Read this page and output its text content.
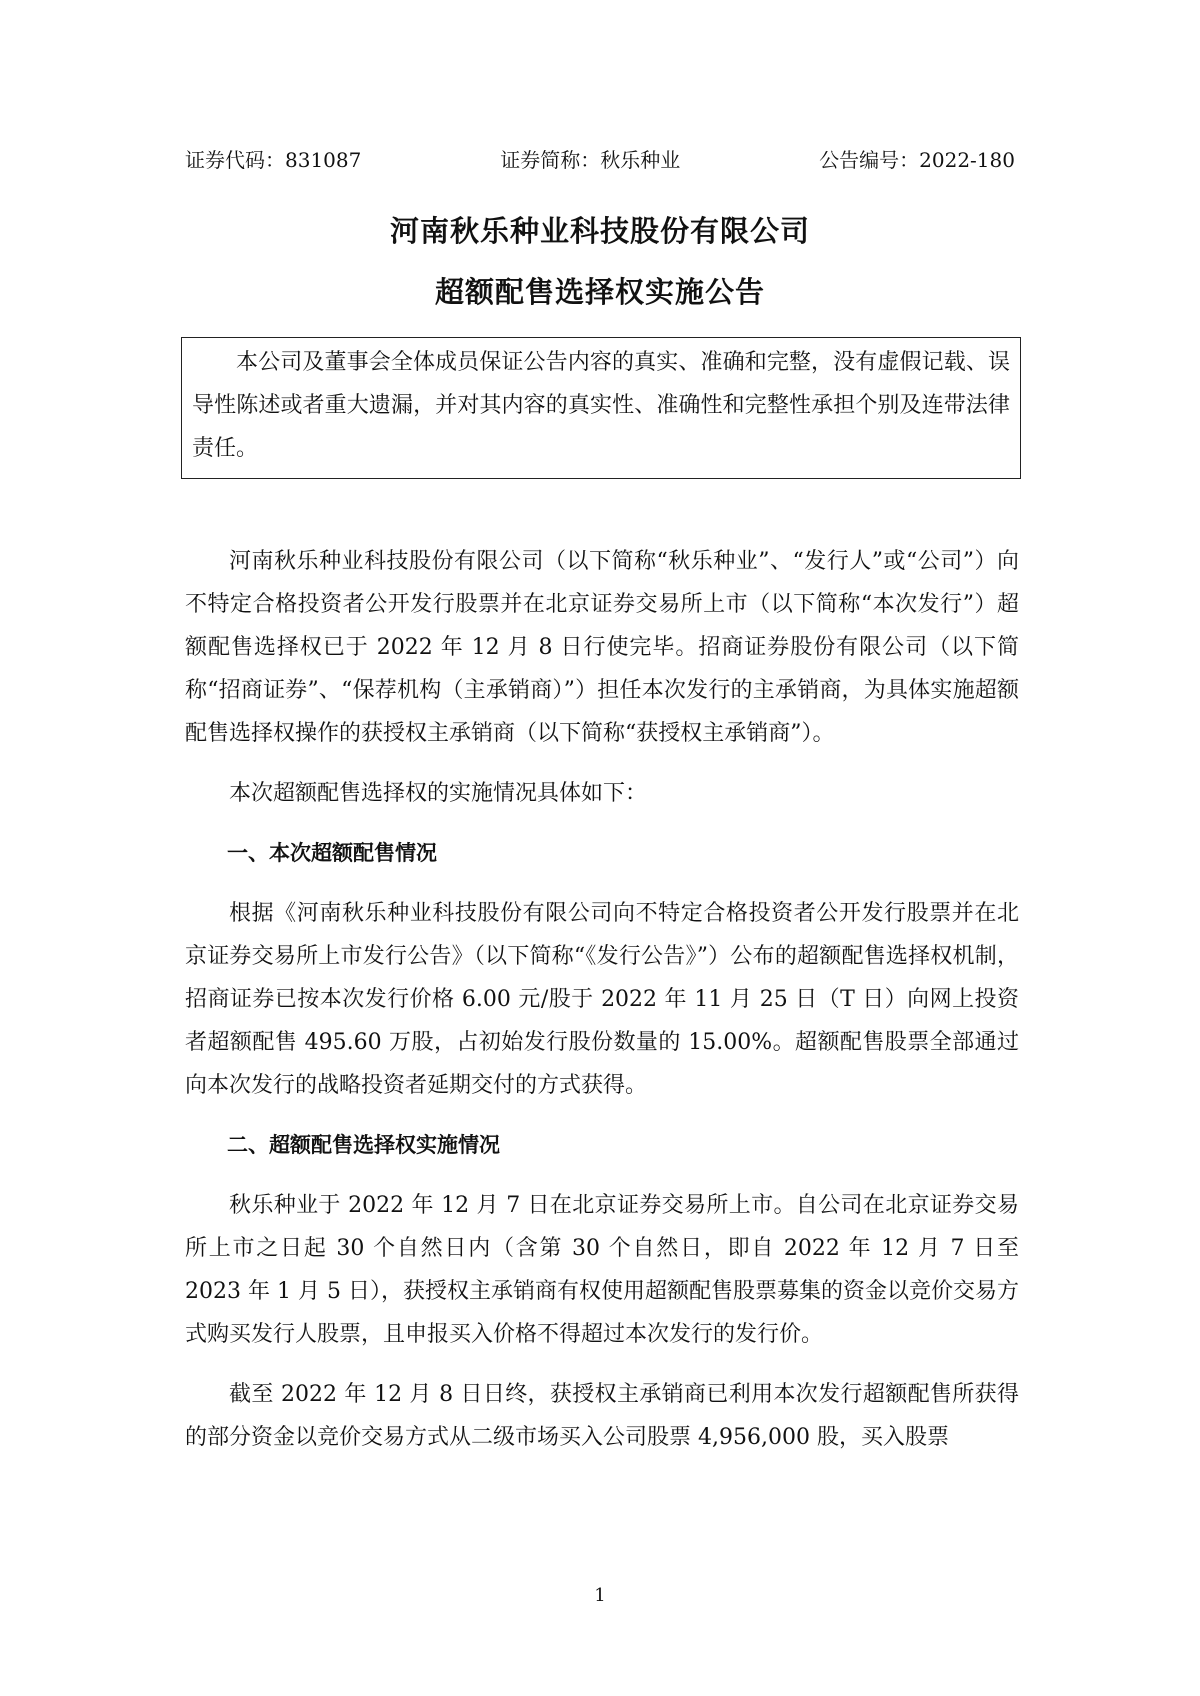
证券代码：831087	证券简称：秋乐种业	公告编号：2022-180
河南秋乐种业科技股份有限公司
超额配售选择权实施公告

本公司及董事会全体成员保证公告内容的真实、准确和完整，没有虚假记载、误导性陈述或者重大遗漏，并对其内容的真实性、准确性和完整性承担个别及连带法律责任。

河南秋乐种业科技股份有限公司（以下简称“秋乐种业”、“发行人”或“公司”）向不特定合格投资者公开发行股票并在北京证券交易所上市（以下简称“本次发行”）超额配售选择权已于 2022 年 12 月 8 日行使完毕。招商证券股份有限公司（以下简称“招商证券”、“保荐机构（主承销商）”）担任本次发行的主承销商，为具体实施超额配售选择权操作的获授权主承销商（以下简称“获授权主承销商”）。

本次超额配售选择权的实施情况具体如下：

一、本次超额配售情况

根据《河南秋乐种业科技股份有限公司向不特定合格投资者公开发行股票并在北京证券交易所上市发行公告》（以下简称“《发行公告》”）公布的超额配售选择权机制，招商证券已按本次发行价格 6.00 元/股于 2022 年 11 月 25 日（T 日）向网上投资者超额配售 495.60 万股，占初始发行股份数量的 15.00%。超额配售股票全部通过向本次发行的战略投资者延期交付的方式获得。

二、超额配售选择权实施情况

秋乐种业于 2022 年 12 月 7 日在北京证券交易所上市。自公司在北京证券交易所上市之日起 30 个自然日内（含第 30 个自然日，即自 2022 年 12 月 7 日至 2023 年 1 月 5 日），获授权主承销商有权使用超额配售股票募集的资金以竞价交易方式购买发行人股票，且申报买入价格不得超过本次发行的发行价。

截至 2022 年 12 月 8 日日终，获授权主承销商已利用本次发行超额配售所获得的部分资金以竞价交易方式从二级市场买入公司股票 4,956,000 股，买入股票

1
